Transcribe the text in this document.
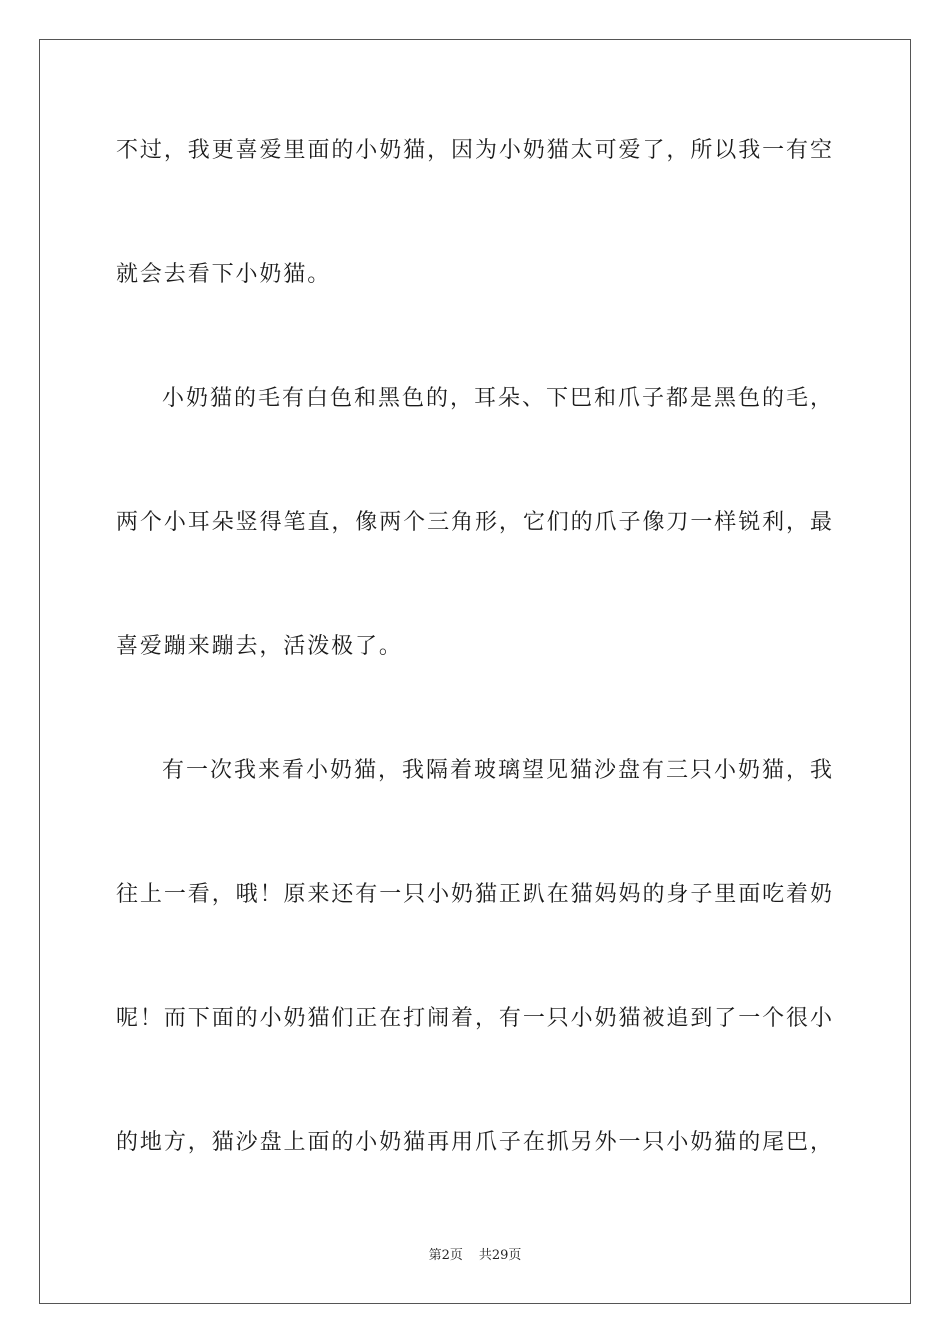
不过，我更喜爱里面的小奶猫，因为小奶猫太可爱了，所以我一有空
就会去看下小奶猫。
小奶猫的毛有白色和黑色的，耳朵、下巴和爪子都是黑色的毛，
两个小耳朵竖得笔直，像两个三角形，它们的爪子像刀一样锐利，最
喜爱蹦来蹦去，活泼极了。
有一次我来看小奶猫，我隔着玻璃望见猫沙盘有三只小奶猫，我
往上一看，哦！原来还有一只小奶猫正趴在猫妈妈的身子里面吃着奶
呢！而下面的小奶猫们正在打闹着，有一只小奶猫被追到了一个很小
的地方，猫沙盘上面的小奶猫再用爪子在抓另外一只小奶猫的尾巴，
第2页 共29页
